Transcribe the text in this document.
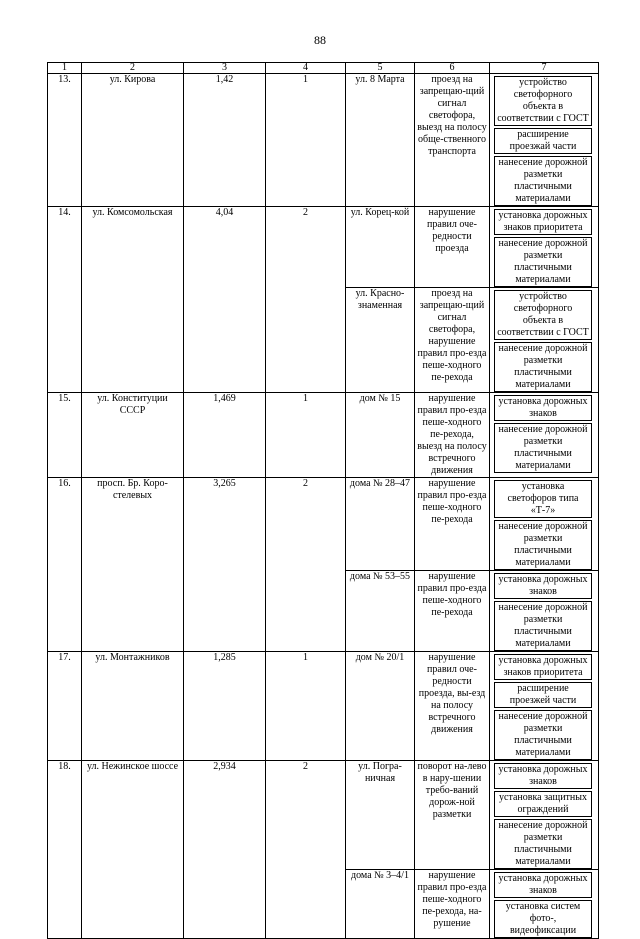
88
1	2	3	4	5	6	7
13.	ул. Кирова	1,42	1	ул. 8 Марта	проезд на запрещаю-щий сигнал светофора, выезд на полосу обще-ственного транспорта	устройство светофорного объекта в соответствии с ГОСТ
расширение проезжай части
нанесение дорожной разметки пластичными материалами

14.	ул. Комсомольская	4,04	2	ул. Корец-кой	нарушение правил оче-редности проезда	установка дорожных знаков приоритета
нанесение дорожной разметки пластичными материалами

				ул. Красно-знаменная	проезд на запрещаю-щий сигнал светофора, нарушение правил про-езда пеше-ходного пе-рехода	устройство светофорного объекта в соответствии с ГОСТ
нанесение дорожной разметки пластичными материалами

15.	ул. Конституции СССР	1,469	1	дом № 15	нарушение правил про-езда пеше-ходного пе-рехода, выезд на полосу встречного движения	установка дорожных знаков
нанесение дорожной разметки пластичными материалами

16.	просп. Бр. Коро-стелевых	3,265	2	дома № 28–47	нарушение правил про-езда пеше-ходного пе-рехода	установка светофоров типа «Т-7»
нанесение дорожной разметки пластичными материалами

				дома № 53–55	нарушение правил про-езда пеше-ходного пе-рехода	установка дорожных знаков
нанесение дорожной разметки пластичными материалами

17.	ул. Монтажников	1,285	1	дом № 20/1	нарушение правил оче-редности проезда, вы-езд на полосу встречного движения	установка дорожных знаков приоритета
расширение проезжей части
нанесение дорожной разметки пластичными материалами

18.	ул. Нежинское шоссе	2,934	2	ул. Погра-ничная	поворот на-лево в нару-шении требо-ваний дорож-ной разметки	установка дорожных знаков
установка защитных ограждений
нанесение дорожной разметки пластичными материалами

				дома № 3–4/1	нарушение правил про-езда пеше-ходного пе-рехода, на-рушение	установка дорожных знаков
установка систем фото-, видеофиксации
